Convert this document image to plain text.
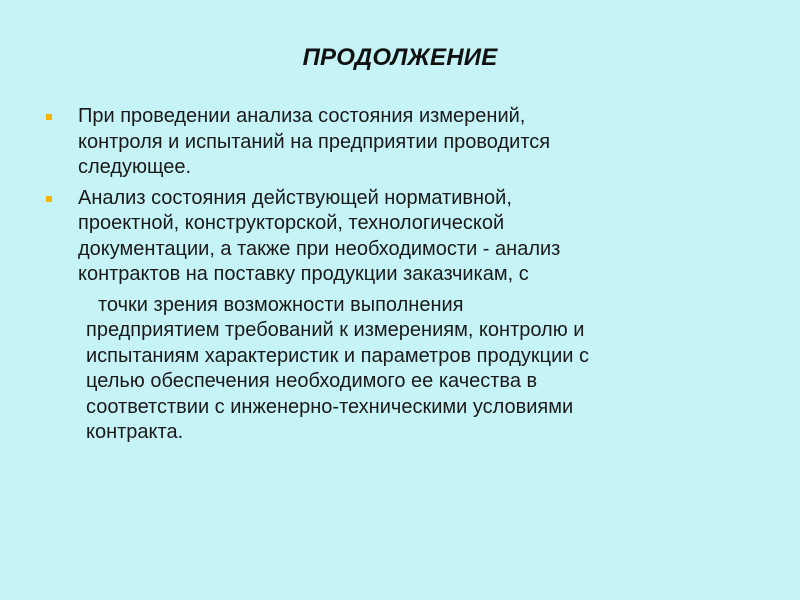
ПРОДОЛЖЕНИЕ
При проведении анализа состояния измерений,
контроля и испытаний на предприятии проводится
следующее.
Анализ состояния действующей нормативной,
проектной, конструкторской, технологической
документации, а также при необходимости - анализ
контрактов на поставку продукции заказчикам, с
точки зрения возможности выполнения
предприятием требований к измерениям, контролю и
испытаниям характеристик и параметров продукции с
целью обеспечения необходимого ее качества в
соответствии с инженерно-техническими условиями
контракта.
